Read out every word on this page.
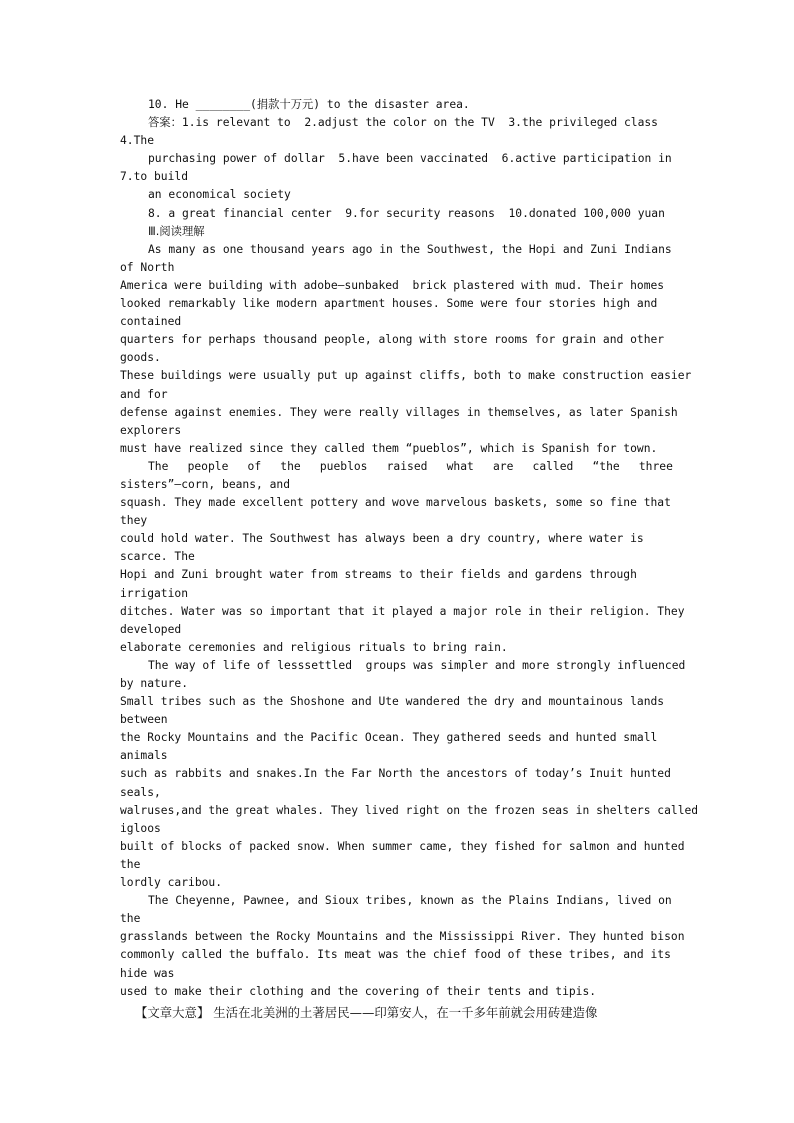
10. He ________(捐款十万元) to the disaster area.
答案：1.is relevant to  2.adjust the color on the TV  3.the privileged class
4.The
purchasing power of dollar  5.have been vaccinated  6.active participation in
7.to build
an economical society
8. a great financial center  9.for security reasons  10.donated 100,000 yuan
Ⅲ.阅读理解
As many as one thousand years ago in the Southwest, the Hopi and Zuni Indians
of North
America were building with adobe—sunbaked  brick plastered with mud. Their homes
looked remarkably like modern apartment houses. Some were four stories high and
contained
quarters for perhaps thousand people, along with store rooms for grain and other
goods.
These buildings were usually put up against cliffs, both to make construction easier
and for
defense against enemies. They were really villages in themselves, as later Spanish
explorers
must have realized since they called them “pueblos”, which is Spanish for town.
The people of the pueblos raised what are called “the three
sisters”—corn, beans, and
squash. They made excellent pottery and wove marvelous baskets, some so fine that
they
could hold water. The Southwest has always been a dry country, where water is
scarce. The
Hopi and Zuni brought water from streams to their fields and gardens through
irrigation
ditches. Water was so important that it played a major role in their religion. They
developed
elaborate ceremonies and religious rituals to bring rain.
The way of life of lesssettled  groups was simpler and more strongly influenced
by nature.
Small tribes such as the Shoshone and Ute wandered the dry and mountainous lands
between
the Rocky Mountains and the Pacific Ocean. They gathered seeds and hunted small
animals
such as rabbits and snakes.In the Far North the ancestors of today’s Inuit hunted
seals,
walruses,and the great whales. They lived right on the frozen seas in shelters called
igloos
built of blocks of packed snow. When summer came, they fished for salmon and hunted
the
lordly caribou.
The Cheyenne, Pawnee, and Sioux tribes, known as the Plains Indians, lived on
the
grasslands between the Rocky Mountains and the Mississippi River. They hunted bison
commonly called the buffalo. Its meat was the chief food of these tribes, and its
hide was
used to make their clothing and the covering of their tents and tipis.
【文章大意】 生活在北美洲的土著居民——印第安人，在一千多年前就会用砖建造像
